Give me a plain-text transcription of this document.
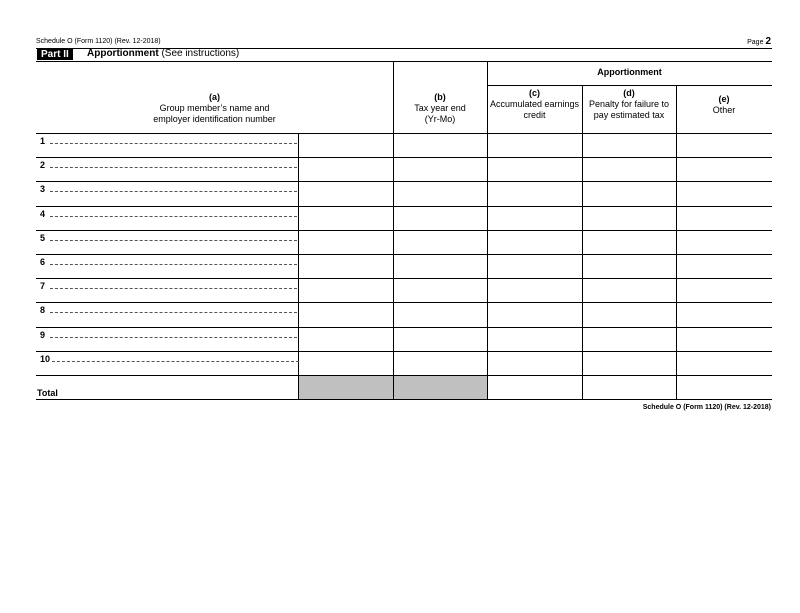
Schedule O (Form 1120) (Rev. 12-2018)	Page 2
Part II	Apportionment (See instructions)
Apportionment
(a)
Group member’s name and
employer identification number
(b)
Tax year end
(Yr-Mo)
(c)
Accumulated earnings
credit
(d)
Penalty for failure to
pay estimated tax
(e)
Other
1
2
3
4
5
6
7
8
9
10
Total
Schedule O (Form 1120) (Rev. 12-2018)
